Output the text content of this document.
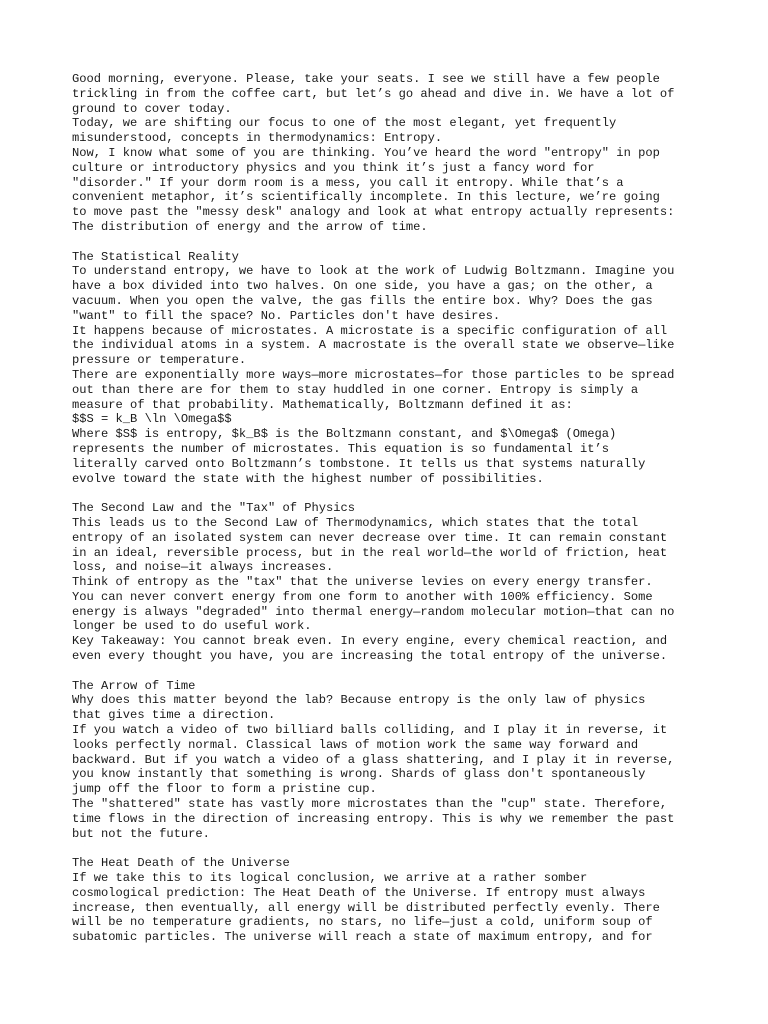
Good morning, everyone. Please, take your seats. I see we still have a few people
trickling in from the coffee cart, but let’s go ahead and dive in. We have a lot of
ground to cover today.
Today, we are shifting our focus to one of the most elegant, yet frequently
misunderstood, concepts in thermodynamics: Entropy.
Now, I know what some of you are thinking. You’ve heard the word "entropy" in pop
culture or introductory physics and you think it’s just a fancy word for
"disorder." If your dorm room is a mess, you call it entropy. While that’s a
convenient metaphor, it’s scientifically incomplete. In this lecture, we’re going
to move past the "messy desk" analogy and look at what entropy actually represents:
The distribution of energy and the arrow of time.
The Statistical Reality
To understand entropy, we have to look at the work of Ludwig Boltzmann. Imagine you
have a box divided into two halves. On one side, you have a gas; on the other, a
vacuum. When you open the valve, the gas fills the entire box. Why? Does the gas
"want" to fill the space? No. Particles don't have desires.
It happens because of microstates. A microstate is a specific configuration of all
the individual atoms in a system. A macrostate is the overall state we observe—like
pressure or temperature.
There are exponentially more ways—more microstates—for those particles to be spread
out than there are for them to stay huddled in one corner. Entropy is simply a
measure of that probability. Mathematically, Boltzmann defined it as:
$$S = k_B \ln \Omega$$
Where $S$ is entropy, $k_B$ is the Boltzmann constant, and $\Omega$ (Omega)
represents the number of microstates. This equation is so fundamental it’s
literally carved onto Boltzmann’s tombstone. It tells us that systems naturally
evolve toward the state with the highest number of possibilities.
The Second Law and the "Tax" of Physics
This leads us to the Second Law of Thermodynamics, which states that the total
entropy of an isolated system can never decrease over time. It can remain constant
in an ideal, reversible process, but in the real world—the world of friction, heat
loss, and noise—it always increases.
Think of entropy as the "tax" that the universe levies on every energy transfer.
You can never convert energy from one form to another with 100% efficiency. Some
energy is always "degraded" into thermal energy—random molecular motion—that can no
longer be used to do useful work.
Key Takeaway: You cannot break even. In every engine, every chemical reaction, and
even every thought you have, you are increasing the total entropy of the universe.
The Arrow of Time
Why does this matter beyond the lab? Because entropy is the only law of physics
that gives time a direction.
If you watch a video of two billiard balls colliding, and I play it in reverse, it
looks perfectly normal. Classical laws of motion work the same way forward and
backward. But if you watch a video of a glass shattering, and I play it in reverse,
you know instantly that something is wrong. Shards of glass don't spontaneously
jump off the floor to form a pristine cup.
The "shattered" state has vastly more microstates than the "cup" state. Therefore,
time flows in the direction of increasing entropy. This is why we remember the past
but not the future.
The Heat Death of the Universe
If we take this to its logical conclusion, we arrive at a rather somber
cosmological prediction: The Heat Death of the Universe. If entropy must always
increase, then eventually, all energy will be distributed perfectly evenly. There
will be no temperature gradients, no stars, no life—just a cold, uniform soup of
subatomic particles. The universe will reach a state of maximum entropy, and for
